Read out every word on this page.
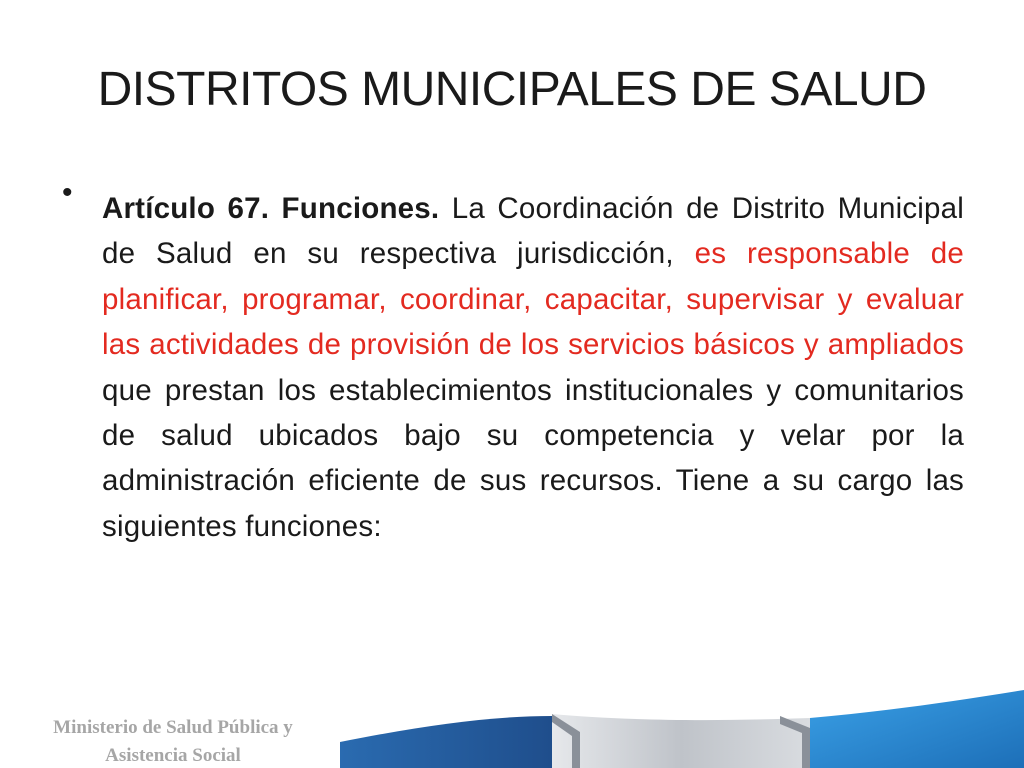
DISTRITOS MUNICIPALES DE SALUD
• Artículo 67. Funciones. La Coordinación de Distrito Municipal de Salud en su respectiva jurisdicción, es responsable de planificar, programar, coordinar, capacitar, supervisar y evaluar las actividades de provisión de los servicios básicos y ampliados que prestan los establecimientos institucionales y comunitarios de salud ubicados bajo su competencia y velar por la administración eficiente de sus recursos. Tiene a su cargo las siguientes funciones:
Ministerio de Salud Pública y
Asistencia Social
